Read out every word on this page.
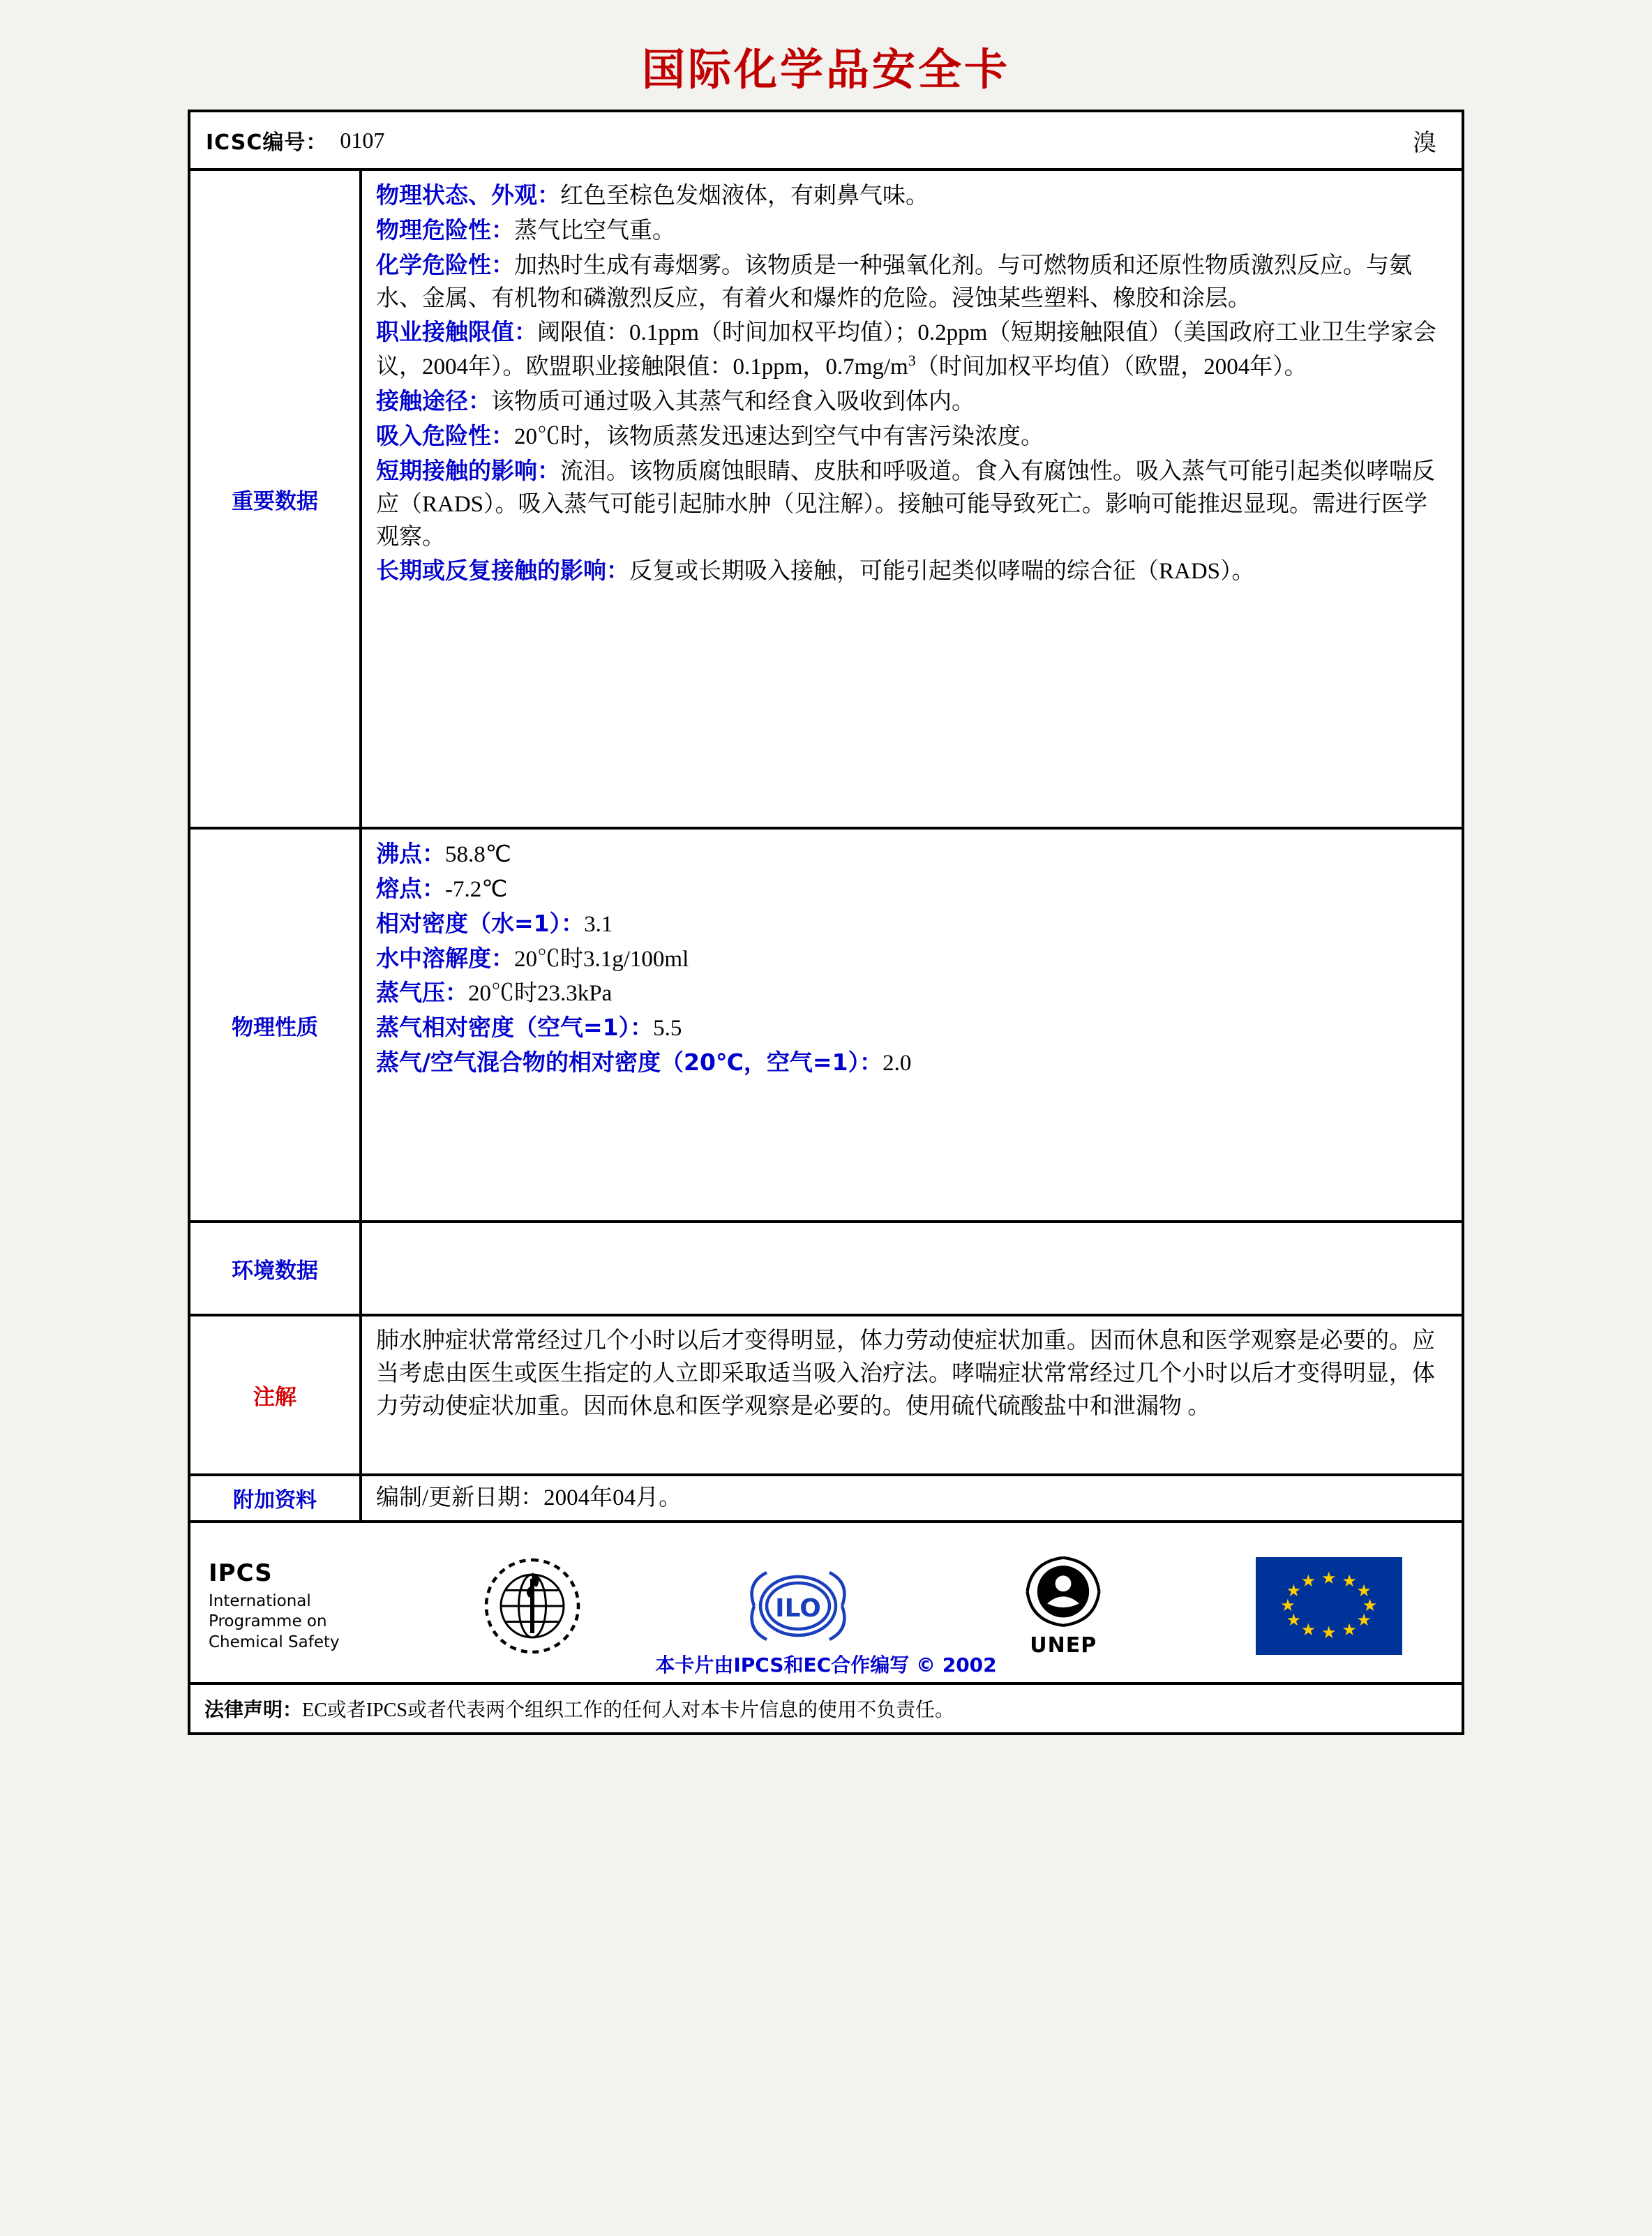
国际化学品安全卡
ICSC编号： 0107	溴
重要数据

物理状态、外观：红色至棕色发烟液体，有刺鼻气味。

物理危险性：蒸气比空气重。

化学危险性：加热时生成有毒烟雾。该物质是一种强氧化剂。与可燃物质和还原性物质激烈反应。与氨水、金属、有机物和磷激烈反应，有着火和爆炸的危险。浸蚀某些塑料、橡胶和涂层。

职业接触限值：阈限值：0.1ppm（时间加权平均值）；0.2ppm（短期接触限值）（美国政府工业卫生学家会议，2004年）。欧盟职业接触限值：0.1ppm，$0.7mg/m^3$（时间加权平均值）（欧盟，2004年）。

接触途径：该物质可通过吸入其蒸气和经食入吸收到体内。

吸入危险性：20℃时，该物质蒸发迅速达到空气中有害污染浓度。

短期接触的影响：流泪。该物质腐蚀眼睛、皮肤和呼吸道。食入有腐蚀性。吸入蒸气可能引起类似哮喘反应（RADS）。吸入蒸气可能引起肺水肿（见注解）。接触可能导致死亡。影响可能推迟显现。需进行医学观察。

长期或反复接触的影响：反复或长期吸入接触，可能引起类似哮喘的综合征（RADS）。

物理性质

沸点：58.8℃

熔点：-7.2℃

相对密度（水=1）：3.1

水中溶解度：20℃时3.1g/100ml

蒸气压：20℃时23.3kPa

蒸气相对密度（空气=1）：5.5

蒸气/空气混合物的相对密度（20℃，空气=1）：2.0

环境数据
注解
肺水肿症状常常经过几个小时以后才变得明显，体力劳动使症状加重。因而休息和医学观察是必要的。应当考虑由医生或医生指定的人立即采取适当吸入治疗法。哮喘症状常常经过几个小时以后才变得明显，体力劳动使症状加重。因而休息和医学观察是必要的。使用硫代硫酸盐中和泄漏物 。
附加资料	编制/更新日期：2004年04月。
IPCS
International
Programme on
Chemical Safety
ILO
UNEP
★ ★
★
★
★
★
★
★
★
★
★
★
本卡片由IPCS和EC合作编写 © 2002
法律声明：EC或者IPCS或者代表两个组织工作的任何人对本卡片信息的使用不负责任。
